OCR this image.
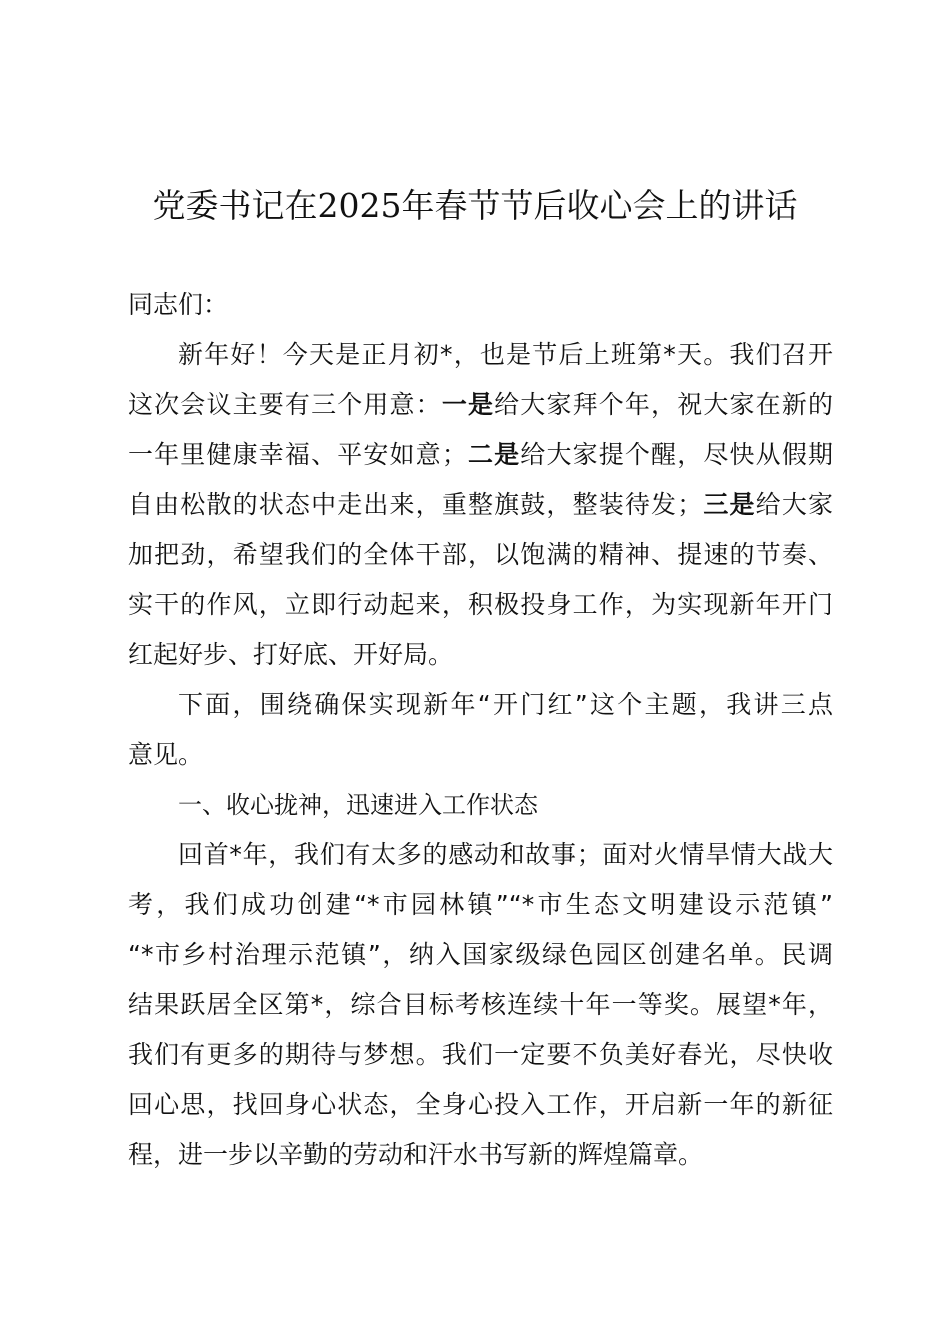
党委书记在2025年春节节后收心会上的讲话
同志们：
新年好！今天是正月初*，也是节后上班第*天。我们召开
这次会议主要有三个用意：一是给大家拜个年，祝大家在新的
一年里健康幸福、平安如意；二是给大家提个醒，尽快从假期
自由松散的状态中走出来，重整旗鼓，整装待发；三是给大家
加把劲，希望我们的全体干部，以饱满的精神、提速的节奏、
实干的作风，立即行动起来，积极投身工作，为实现新年开门
红起好步、打好底、开好局。
下面，围绕确保实现新年“开门红”这个主题，我讲三点
意见。
一、收心拢神，迅速进入工作状态
回首*年，我们有太多的感动和故事；面对火情旱情大战大
考，我们成功创建“*市园林镇”“*市生态文明建设示范镇”
“*市乡村治理示范镇”，纳入国家级绿色园区创建名单。民调
结果跃居全区第*，综合目标考核连续十年一等奖。展望*年，
我们有更多的期待与梦想。我们一定要不负美好春光，尽快收
回心思，找回身心状态，全身心投入工作，开启新一年的新征
程，进一步以辛勤的劳动和汗水书写新的辉煌篇章。
